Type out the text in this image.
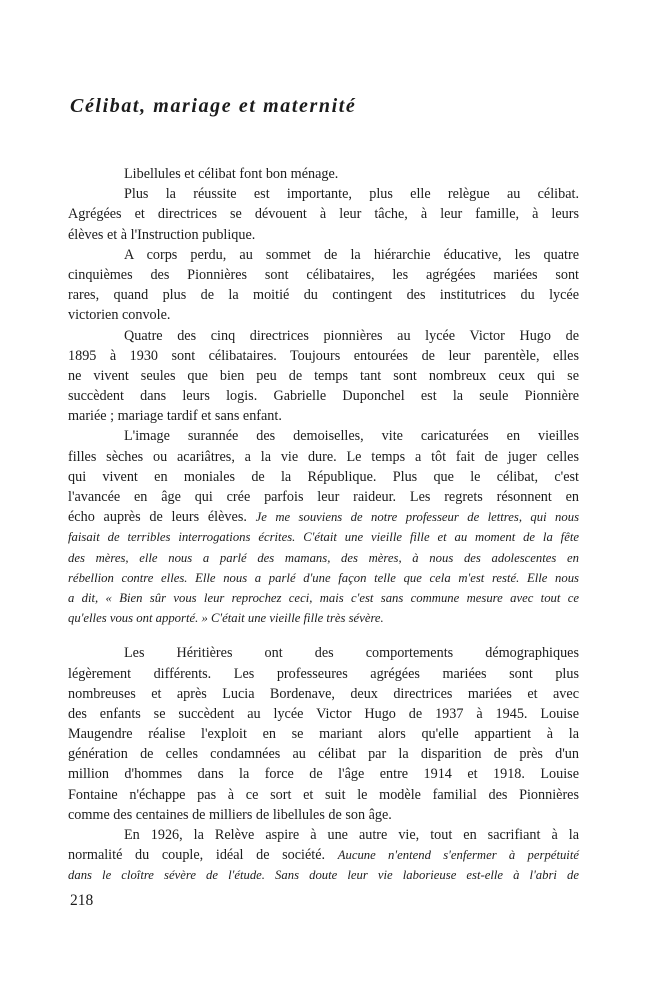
Célibat, mariage et maternité
Libellules et célibat font bon ménage.
Plus la réussite est importante, plus elle relègue au célibat.
Agrégées et directrices se dévouent à leur tâche, à leur famille, à leurs
élèves et à l'Instruction publique.
A corps perdu, au sommet de la hiérarchie éducative, les quatre
cinquièmes des Pionnières sont célibataires, les agrégées mariées sont
rares, quand plus de la moitié du contingent des institutrices du lycée
victorien convole.
Quatre des cinq directrices pionnières au lycée Victor Hugo de
1895 à 1930 sont célibataires. Toujours entourées de leur parentèle, elles
ne vivent seules que bien peu de temps tant sont nombreux ceux qui se
succèdent dans leurs logis. Gabrielle Duponchel est la seule Pionnière
mariée ; mariage tardif et sans enfant.
L'image surannée des demoiselles, vite caricaturées en vieilles
filles sèches ou acariâtres, a la vie dure. Le temps a tôt fait de juger celles
qui vivent en moniales de la République. Plus que le célibat, c'est
l'avancée en âge qui crée parfois leur raideur. Les regrets résonnent en
écho auprès de leurs élèves. Je me souviens de notre professeur de lettres, qui nous
faisait de terribles interrogations écrites. C'était une vieille fille et au moment de la fête
des mères, elle nous a parlé des mamans, des mères, à nous des adolescentes en
rébellion contre elles. Elle nous a parlé d'une façon telle que cela m'est resté. Elle nous
a dit, « Bien sûr vous leur reprochez ceci, mais c'est sans commune mesure avec tout ce
qu'elles vous ont apporté. » C'était une vieille fille très sévère.
Les Héritières ont des comportements démographiques
légèrement différents. Les professeures agrégées mariées sont plus
nombreuses et après Lucia Bordenave, deux directrices mariées et avec
des enfants se succèdent au lycée Victor Hugo de 1937 à 1945. Louise
Maugendre réalise l'exploit en se mariant alors qu'elle appartient à la
génération de celles condamnées au célibat par la disparition de près d'un
million d'hommes dans la force de l'âge entre 1914 et 1918. Louise
Fontaine n'échappe pas à ce sort et suit le modèle familial des Pionnières
comme des centaines de milliers de libellules de son âge.
En 1926, la Relève aspire à une autre vie, tout en sacrifiant à la
normalité du couple, idéal de société. Aucune n'entend s'enfermer à perpétuité
dans le cloître sévère de l'étude. Sans doute leur vie laborieuse est-elle à l'abri de
218
